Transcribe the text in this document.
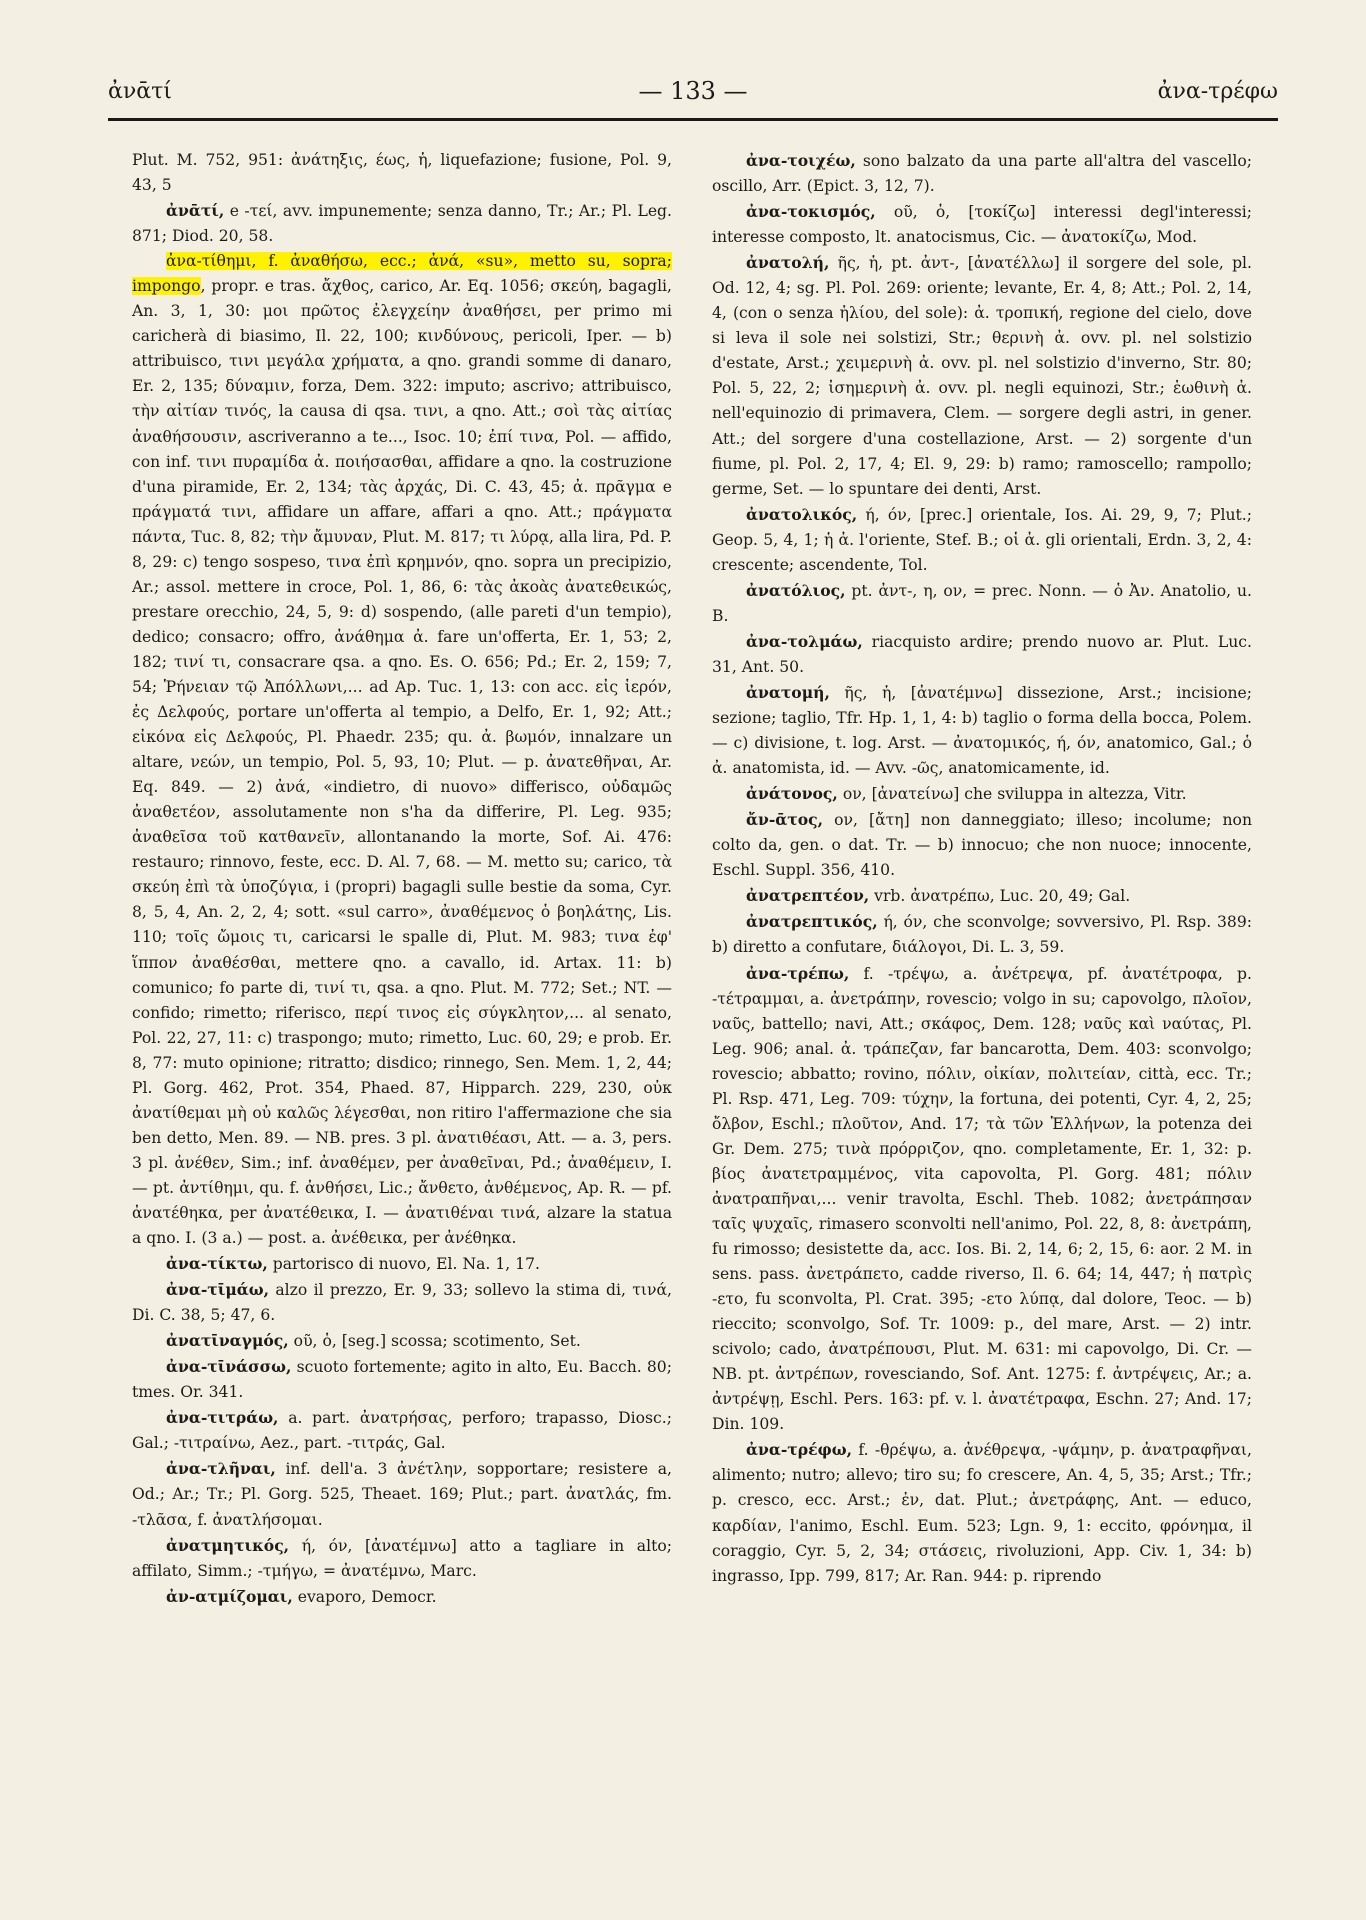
ἀνᾱτί	— 133 —	ἀνα-τρέφω

Plut. M. 752, 951: ἀνάτηξις, έως, ἡ, liquefazione; fusione, Pol. 9, 43, 5

ἀνᾱτί, e -τεί, avv. impunemente; senza danno, Tr.; Ar.; Pl. Leg. 871; Diod. 20, 58.

ἀνα-τίθημι, f. ἀναθήσω, ecc.; ἀνά, «su», metto su, sopra; impongo, propr. e tras. ἄχθος, carico, Ar. Eq. 1056; σκεύη, bagagli, An. 3, 1, 30: μοι πρῶτος ἐλεγχείην ἀναθήσει, per primo mi caricherà di biasimo, Il. 22, 100; κινδύνους, pericoli, Iper. — b) attribuisco, τινι μεγάλα χρήματα, a qno. grandi somme di danaro, Er. 2, 135; δύναμιν, forza, Dem. 322: imputo; ascrivo; attribuisco, τὴν αἰτίαν τινός, la causa di qsa. τινι, a qno. Att.; σοὶ τὰς αἰτίας ἀναθήσουσιν, ascriveranno a te..., Isoc. 10; ἐπί τινα, Pol. — affido, con inf. τινι πυραμίδα ἀ. ποιήσασθαι, affidare a qno. la costruzione d'una piramide, Er. 2, 134; τὰς ἀρχάς, Di. C. 43, 45; ἀ. πρᾶγμα e πράγματά τινι, affidare un affare, affari a qno. Att.; πράγματα πάντα, Tuc. 8, 82; τὴν ἄμυναν, Plut. M. 817; τι λύρᾳ, alla lira, Pd. P. 8, 29: c) tengo sospeso, τινα ἐπὶ κρημνόν, qno. sopra un precipizio, Ar.; assol. mettere in croce, Pol. 1, 86, 6: τὰς ἀκοὰς ἀνατεθεικώς, prestare orecchio, 24, 5, 9: d) sospendo, (alle pareti d'un tempio), dedico; consacro; offro, ἀνάθημα ἀ. fare un'offerta, Er. 1, 53; 2, 182; τινί τι, consacrare qsa. a qno. Es. O. 656; Pd.; Er. 2, 159; 7, 54; Ῥήνειαν τῷ Ἀπόλλωνι,... ad Ap. Tuc. 1, 13: con acc. εἰς ἱερόν, ἐς Δελφούς, portare un'offerta al tempio, a Delfo, Er. 1, 92; Att.; εἰκόνα εἰς Δελφούς, Pl. Phaedr. 235; qu. ἀ. βωμόν, innalzare un altare, νεών, un tempio, Pol. 5, 93, 10; Plut. — p. ἀνατεθῆναι, Ar. Eq. 849. — 2) ἀνά, «indietro, di nuovo» differisco, οὐδαμῶς ἀναθετέον, assolutamente non s'ha da differire, Pl. Leg. 935; ἀναθεῖσα τοῦ κατθανεῖν, allontanando la morte, Sof. Ai. 476: restauro; rinnovo, feste, ecc. D. Al. 7, 68. — M. metto su; carico, τὰ σκεύη ἐπὶ τὰ ὑποζύγια, i (propri) bagagli sulle bestie da soma, Cyr. 8, 5, 4, An. 2, 2, 4; sott. «sul carro», ἀναθέμενος ὁ βοηλάτης, Lis. 110; τοῖς ὤμοις τι, caricarsi le spalle di, Plut. M. 983; τινα ἐφ' ἵππον ἀναθέσθαι, mettere qno. a cavallo, id. Artax. 11: b) comunico; fo parte di, τινί τι, qsa. a qno. Plut. M. 772; Set.; NT. — confido; rimetto; riferisco, περί τινος εἰς σύγκλητον,... al senato, Pol. 22, 27, 11: c) traspongo; muto; rimetto, Luc. 60, 29; e prob. Er. 8, 77: muto opinione; ritratto; disdico; rinnego, Sen. Mem. 1, 2, 44; Pl. Gorg. 462, Prot. 354, Phaed. 87, Hipparch. 229, 230, οὐκ ἀνατίθεμαι μὴ οὐ καλῶς λέγεσθαι, non ritiro l'affermazione che sia ben detto, Men. 89. — NB. pres. 3 pl. ἀνατιθέασι, Att. — a. 3, pers. 3 pl. ἀνέθεν, Sim.; inf. ἀναθέμεν, per ἀναθεῖναι, Pd.; ἀναθέμειν, I. — pt. ἀντίθημι, qu. f. ἀνθήσει, Lic.; ἄνθετο, ἀνθέμενος, Ap. R. — pf. ἀνατέθηκα, per ἀνατέθεικα, I. — ἀνατιθέναι τινά, alzare la statua a qno. I. (3 a.) — post. a. ἀνέθεικα, per ἀνέθηκα.

ἀνα-τίκτω, partorisco di nuovo, El. Na. 1, 17.

ἀνα-τῑμάω, alzo il prezzo, Er. 9, 33; sollevo la stima di, τινά, Di. C. 38, 5; 47, 6.

ἀνατῑναγμός, οῦ, ὁ, [seg.] scossa; scotimento, Set.

ἀνα-τῑνάσσω, scuoto fortemente; agito in alto, Eu. Bacch. 80; tmes. Or. 341.

ἀνα-τιτράω, a. part. ἀνατρήσας, perforo; trapasso, Diosc.; Gal.; -τιτραίνω, Aez., part. -τιτράς, Gal.

ἀνα-τλῆναι, inf. dell'a. 3 ἀνέτλην, sopportare; resistere a, Od.; Ar.; Tr.; Pl. Gorg. 525, Theaet. 169; Plut.; part. ἀνατλάς, fm. -τλᾶσα, f. ἀνατλήσομαι.

ἀνατμητικός, ή, όν, [ἀνατέμνω] atto a tagliare in alto; affilato, Simm.; -τμήγω, = ἀνατέμνω, Marc.

ἀν-ατμίζομαι, evaporo, Democr.

ἀνα-τοιχέω, sono balzato da una parte all'altra del vascello; oscillo, Arr. (Epict. 3, 12, 7).

ἀνα-τοκισμός, οῦ, ὁ, [τοκίζω] interessi degl'interessi; interesse composto, lt. anatocismus, Cic. — ἀνατοκίζω, Mod.

ἀνατολή, ῆς, ἡ, pt. ἀντ-, [ἀνατέλλω] il sorgere del sole, pl. Od. 12, 4; sg. Pl. Pol. 269: oriente; levante, Er. 4, 8; Att.; Pol. 2, 14, 4, (con o senza ἡλίου, del sole): ἀ. τροπική, regione del cielo, dove si leva il sole nei solstizi, Str.; θερινὴ ἀ. ovv. pl. nel solstizio d'estate, Arst.; χειμερινὴ ἀ. ovv. pl. nel solstizio d'inverno, Str. 80; Pol. 5, 22, 2; ἰσημερινὴ ἀ. ovv. pl. negli equinozi, Str.; ἑωθινὴ ἀ. nell'equinozio di primavera, Clem. — sorgere degli astri, in gener. Att.; del sorgere d'una costellazione, Arst. — 2) sorgente d'un fiume, pl. Pol. 2, 17, 4; El. 9, 29: b) ramo; ramoscello; rampollo; germe, Set. — lo spuntare dei denti, Arst.

ἀνατολικός, ή, όν, [prec.] orientale, Ios. Ai. 29, 9, 7; Plut.; Geop. 5, 4, 1; ἡ ἀ. l'oriente, Stef. B.; οἱ ἀ. gli orientali, Erdn. 3, 2, 4: crescente; ascendente, Tol.

ἀνατόλιος, pt. ἀντ-, η, ον, = prec. Nonn. — ὁ Ἀν. Anatolio, u. B.

ἀνα-τολμάω, riacquisto ardire; prendo nuovo ar. Plut. Luc. 31, Ant. 50.

ἀνατομή, ῆς, ἡ, [ἀνατέμνω] dissezione, Arst.; incisione; sezione; taglio, Tfr. Hp. 1, 1, 4: b) taglio o forma della bocca, Polem. — c) divisione, t. log. Arst. — ἀνατομικός, ή, όν, anatomico, Gal.; ὁ ἀ. anatomista, id. — Avv. -ῶς, anatomicamente, id.

ἀνάτονος, ον, [ἀνατείνω] che sviluppa in altezza, Vitr.

ἄν-ᾱτος, ον, [ἄτη] non danneggiato; illeso; incolume; non colto da, gen. o dat. Tr. — b) innocuo; che non nuoce; innocente, Eschl. Suppl. 356, 410.

ἀνατρεπτέον, vrb. ἀνατρέπω, Luc. 20, 49; Gal.

ἀνατρεπτικός, ή, όν, che sconvolge; sovversivo, Pl. Rsp. 389: b) diretto a confutare, διάλογοι, Di. L. 3, 59.

ἀνα-τρέπω, f. -τρέψω, a. ἀνέτρεψα, pf. ἀνατέτροφα, p. -τέτραμμαι, a. ἀνετράπην, rovescio; volgo in su; capovolgo, πλοῖον, ναῦς, battello; navi, Att.; σκάφος, Dem. 128; ναῦς καὶ ναύτας, Pl. Leg. 906; anal. ἀ. τράπεζαν, far bancarotta, Dem. 403: sconvolgo; rovescio; abbatto; rovino, πόλιν, οἰκίαν, πολιτείαν, città, ecc. Tr.; Pl. Rsp. 471, Leg. 709: τύχην, la fortuna, dei potenti, Cyr. 4, 2, 25; ὄλβον, Eschl.; πλοῦτον, And. 17; τὰ τῶν Ἑλλήνων, la potenza dei Gr. Dem. 275; τινὰ πρόρριζον, qno. completamente, Er. 1, 32: p. βίος ἀνατετραμμένος, vita capovolta, Pl. Gorg. 481; πόλιν ἀνατραπῆναι,... venir travolta, Eschl. Theb. 1082; ἀνετράπησαν ταῖς ψυχαῖς, rimasero sconvolti nell'animo, Pol. 22, 8, 8: ἀνετράπη, fu rimosso; desistette da, acc. Ios. Bi. 2, 14, 6; 2, 15, 6: aor. 2 M. in sens. pass. ἀνετράπετο, cadde riverso, Il. 6. 64; 14, 447; ἡ πατρὶς -ετο, fu sconvolta, Pl. Crat. 395; -ετο λύπᾳ, dal dolore, Teoc. — b) rieccito; sconvolgo, Sof. Tr. 1009: p., del mare, Arst. — 2) intr. scivolo; cado, ἀνατρέπουσι, Plut. M. 631: mi capovolgo, Di. Cr. — NB. pt. ἀντρέπων, rovesciando, Sof. Ant. 1275: f. ἀντρέψεις, Ar.; a. ἀντρέψῃ, Eschl. Pers. 163: pf. v. l. ἀνατέτραφα, Eschn. 27; And. 17; Din. 109.

ἀνα-τρέφω, f. -θρέψω, a. ἀνέθρεψα, -ψάμην, p. ἀνατραφῆναι, alimento; nutro; allevo; tiro su; fo crescere, An. 4, 5, 35; Arst.; Tfr.; p. cresco, ecc. Arst.; ἐν, dat. Plut.; ἀνετράφης, Ant. — educo, καρδίαν, l'animo, Eschl. Eum. 523; Lgn. 9, 1: eccito, φρόνημα, il coraggio, Cyr. 5, 2, 34; στάσεις, rivoluzioni, App. Civ. 1, 34: b) ingrasso, Ipp. 799, 817; Ar. Ran. 944: p. riprendo
